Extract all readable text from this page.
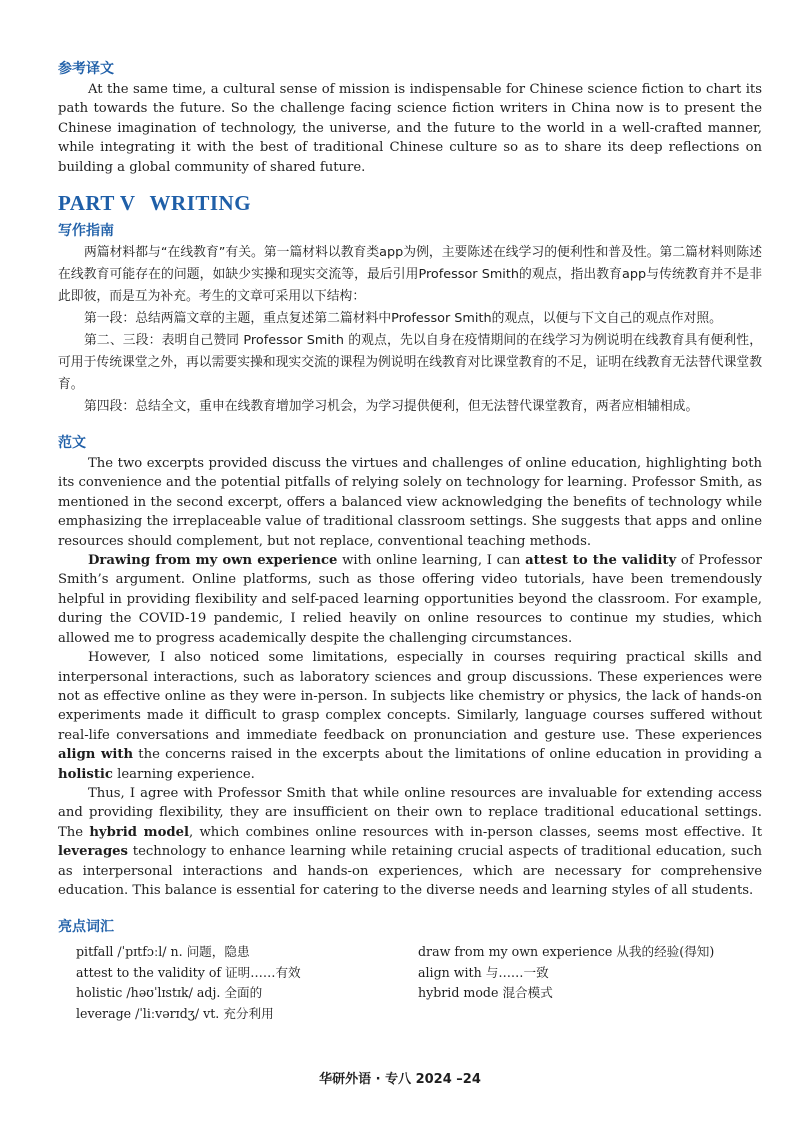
参考译文

At the same time, a cultural sense of mission is indispensable for Chinese science fiction to chart its path towards the future. So the challenge facing science fiction writers in China now is to present the Chinese imagination of technology, the universe, and the future to the world in a well-crafted manner, while integrating it with the best of traditional Chinese culture so as to share its deep reflections on building a global community of shared future.

PART V WRITING
写作指南

两篇材料都与“在线教育”有关。第一篇材料以教育类app为例，主要陈述在线学习的便利性和普及性。第二篇材料则陈述在线教育可能存在的问题，如缺少实操和现实交流等，最后引用Professor Smith的观点，指出教育app与传统教育并不是非此即彼，而是互为补充。考生的文章可采用以下结构：

第一段：总结两篇文章的主题，重点复述第二篇材料中Professor Smith的观点，以便与下文自己的观点作对照。

第二、三段：表明自己赞同 Professor Smith 的观点，先以自身在疫情期间的在线学习为例说明在线教育具有便利性，可用于传统课堂之外，再以需要实操和现实交流的课程为例说明在线教育对比课堂教育的不足，证明在线教育无法替代课堂教育。

第四段：总结全文，重申在线教育增加学习机会，为学习提供便利，但无法替代课堂教育，两者应相辅相成。

范文

The two excerpts provided discuss the virtues and challenges of online education, highlighting both its convenience and the potential pitfalls of relying solely on technology for learning. Professor Smith, as mentioned in the second excerpt, offers a balanced view acknowledging the benefits of technology while emphasizing the irreplaceable value of traditional classroom settings. She suggests that apps and online resources should complement, but not replace, conventional teaching methods.

Drawing from my own experience with online learning, I can attest to the validity of Professor Smith’s argument. Online platforms, such as those offering video tutorials, have been tremendously helpful in providing flexibility and self-paced learning opportunities beyond the classroom. For example, during the COVID-19 pandemic, I relied heavily on online resources to continue my studies, which allowed me to progress academically despite the challenging circumstances.

However, I also noticed some limitations, especially in courses requiring practical skills and interpersonal interactions, such as laboratory sciences and group discussions. These experiences were not as effective online as they were in-person. In subjects like chemistry or physics, the lack of hands-on experiments made it difficult to grasp complex concepts. Similarly, language courses suffered without real-life conversations and immediate feedback on pronunciation and gesture use. These experiences align with the concerns raised in the excerpts about the limitations of online education in providing a holistic learning experience.

Thus, I agree with Professor Smith that while online resources are invaluable for extending access and providing flexibility, they are insufficient on their own to replace traditional educational settings. The hybrid model, which combines online resources with in-person classes, seems most effective. It leverages technology to enhance learning while retaining crucial aspects of traditional education, such as interpersonal interactions and hands-on experiences, which are necessary for comprehensive education. This balance is essential for catering to the diverse needs and learning styles of all students.

亮点词汇
pitfall /ˈpɪtfɔːl/ n. 问题，隐患
attest to the validity of 证明……有效
holistic /həʊˈlɪstɪk/ adj. 全面的
leverage /ˈliːvərɪdʒ/ vt. 充分利用
draw from my own experience 从我的经验(得知)
align with 与……一致
hybrid mode 混合模式
华研外语 · 专八 2024 –24
